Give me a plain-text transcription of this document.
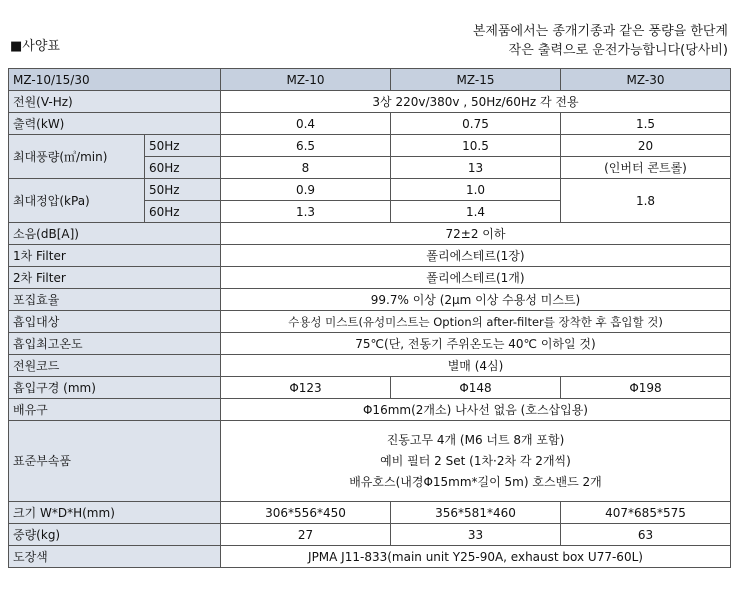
■사양표
본제품에서는 종개기종과 같은 풍량을 한단계
작은 출력으로 운전가능합니다(당사비)
MZ-10/15/30		MZ-10	MZ-15	MZ-30
전원(V-Hz)		3상 220v/380v , 50Hz/60Hz 각 전용		
출력(kW)		0.4	0.75	1.5
최대풍량(㎥/min)	50Hz	6.5	10.5	20
	60Hz	8	13	(인버터 콘트롤)
최대정압(kPa)	50Hz	0.9	1.0	1.8
	60Hz	1.3	1.4	
소음(dB[A])		72±2 이하		
1차 Filter		폴리에스테르(1장)		
2차 Filter		폴리에스테르(1개)		
포집효율		99.7% 이상 (2μm 이상 수용성 미스트)		
흡입대상		수용성 미스트(유성미스트는 Option의 after-filter를 장착한 후 흡입할 것)		
흡입최고온도		75℃(단, 전동기 주위온도는 40℃ 이하일 것)		
전원코드		별매 (4심)		
흡입구경 (mm)		Φ123	Φ148	Φ198
배유구		Φ16mm(2개소) 나사선 없음 (호스삽입용)		
표준부속품		진동고무 4개 (M6 너트 8개 포함)
예비 필터 2 Set (1차·2차 각 2개씩)
배유호스(내경Φ15mm*길이 5m) 호스밴드 2개		

크기 W*D*H(mm)		306*556*450	356*581*460	407*685*575
중량(kg)		27	33	63
도장색		JPMA J11-833(main unit Y25-90A, exhaust box U77-60L)		
